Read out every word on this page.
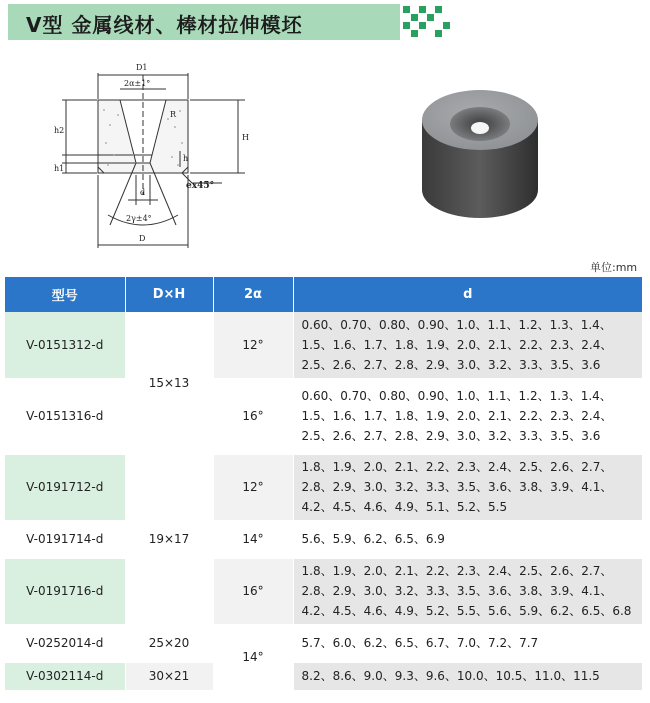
V型 金属线材、棒材拉伸模坯
D1
2α±1°
R
H
h2
h1
h
ex45°
d
2γ±4°
D
单位:mm
型号	D×H	2α	d
V-0151312-d	15×13	12°	0.60、0.70、0.80、0.90、1.0、1.1、1.2、1.3、1.4、
1.5、1.6、1.7、1.8、1.9、2.0、2.1、2.2、2.3、2.4、
2.5、2.6、2.7、2.8、2.9、3.0、3.2、3.3、3.5、3.6

V-0151316-d		16°	0.60、0.70、0.80、0.90、1.0、1.1、1.2、1.3、1.4、
1.5、1.6、1.7、1.8、1.9、2.0、2.1、2.2、2.3、2.4、
2.5、2.6、2.7、2.8、2.9、3.0、3.2、3.3、3.5、3.6

V-0191712-d	19×17	12°	1.8、1.9、2.0、2.1、2.2、2.3、2.4、2.5、2.6、2.7、
2.8、2.9、3.0、3.2、3.3、3.5、3.6、3.8、3.9、4.1、
4.2、4.5、4.6、4.9、5.1、5.2、5.5

V-0191714-d		14°	5.6、5.9、6.2、6.5、6.9

V-0191716-d		16°	1.8、1.9、2.0、2.1、2.2、2.3、2.4、2.5、2.6、2.7、
2.8、2.9、3.0、3.2、3.3、3.5、3.6、3.8、3.9、4.1、
4.2、4.5、4.6、4.9、5.2、5.5、5.6、5.9、6.2、6.5、6.8

V-0252014-d	25×20	14°	5.7、6.0、6.2、6.5、6.7、7.0、7.2、7.7

V-0302114-d	30×21		8.2、8.6、9.0、9.3、9.6、10.0、10.5、11.0、11.5
